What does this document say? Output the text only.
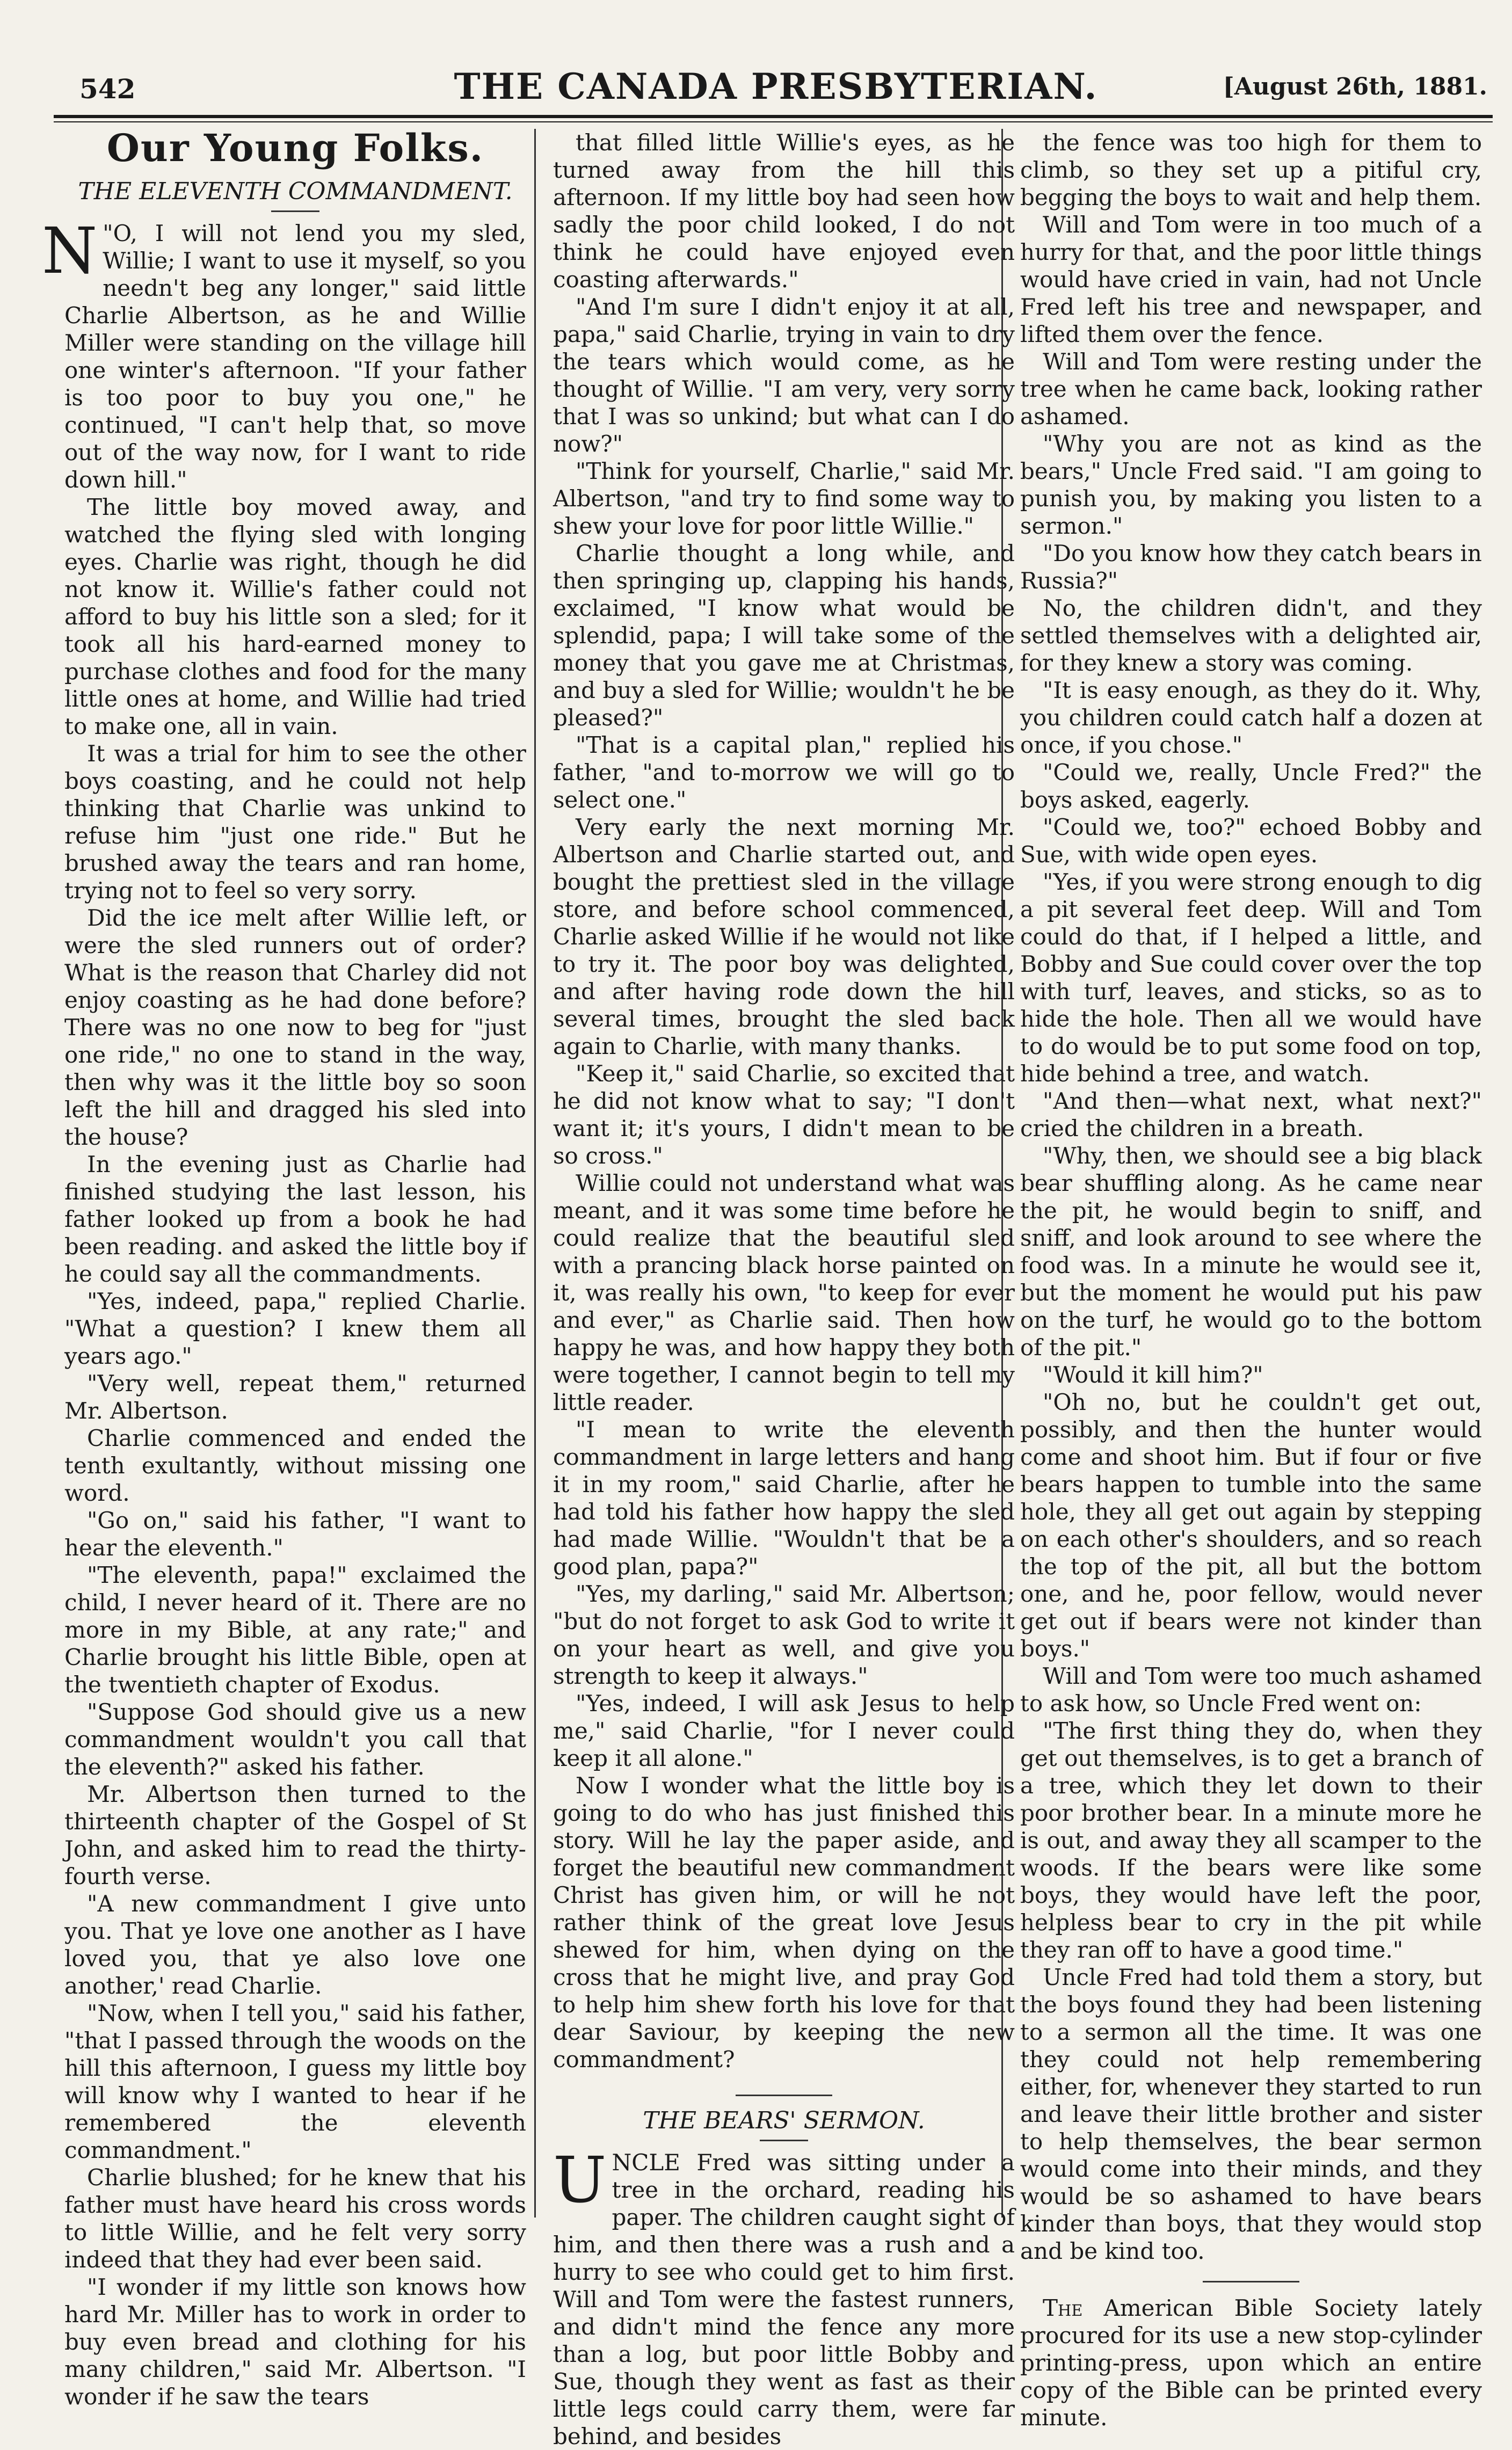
542	THE CANADA PRESBYTERIAN.	[August 26th, 1881.
Our Young Folks.
THE ELEVENTH COMMANDMENT.

"
N O, I will not lend you my sled, Willie; I want to use it myself, so you needn't beg any longer," said little Charlie Albertson, as he and Willie Miller were standing on the village hill one winter's afternoon. "If your father is too poor to buy you one," he continued, "I can't help that, so move out of the way now, for I want to ride down hill."

The little boy moved away, and watched the flying sled with longing eyes. Charlie was right, though he did not know it. Willie's father could not afford to buy his little son a sled; for it took all his hard-earned money to purchase clothes and food for the many little ones at home, and Willie had tried to make one, all in vain.

It was a trial for him to see the other boys coasting, and he could not help thinking that Charlie was unkind to refuse him "just one ride." But he brushed away the tears and ran home, trying not to feel so very sorry.

Did the ice melt after Willie left, or were the sled runners out of order? What is the reason that Charley did not enjoy coasting as he had done before? There was no one now to beg for "just one ride," no one to stand in the way, then why was it the little boy so soon left the hill and dragged his sled into the house?

In the evening just as Charlie had finished studying the last lesson, his father looked up from a book he had been reading. and asked the little boy if he could say all the commandments.

"Yes, indeed, papa," replied Charlie. "What a question? I knew them all years ago."

"Very well, repeat them," returned Mr. Albertson.

Charlie commenced and ended the tenth exultantly, without missing one word.

"Go on," said his father, "I want to hear the eleventh."

"The eleventh, papa!" exclaimed the child, I never heard of it. There are no more in my Bible, at any rate;" and Charlie brought his little Bible, open at the twentieth chapter of Exodus.

"Suppose God should give us a new commandment wouldn't you call that the eleventh?" asked his father.

Mr. Albertson then turned to the thirteenth chapter of the Gospel of St John, and asked him to read the thirty-fourth verse.

"A new commandment I give unto you. That ye love one another as I have loved you, that ye also love one another,' read Charlie.

"Now, when I tell you," said his father, "that I passed through the woods on the hill this afternoon, I guess my little boy will know why I wanted to hear if he remembered the eleventh commandment."

Charlie blushed; for he knew that his father must have heard his cross words to little Willie, and he felt very sorry indeed that they had ever been said.

"I wonder if my little son knows how hard Mr. Miller has to work in order to buy even bread and clothing for his many children," said Mr. Albertson. "I wonder if he saw the tears

that filled little Willie's eyes, as he turned away from the hill this afternoon. If my little boy had seen how sadly the poor child looked, I do not think he could have enjoyed even coasting afterwards."

"And I'm sure I didn't enjoy it at all, papa," said Charlie, trying in vain to dry the tears which would come, as he thought of Willie. "I am very, very sorry that I was so unkind; but what can I do now?"

"Think for yourself, Charlie," said Mr. Albertson, "and try to find some way to shew your love for poor little Willie."

Charlie thought a long while, and then springing up, clapping his hands, exclaimed, "I know what would be splendid, papa; I will take some of the money that you gave me at Christmas, and buy a sled for Willie; wouldn't he be pleased?"

"That is a capital plan," replied his father, "and to-morrow we will go to select one."

Very early the next morning Mr. Albertson and Charlie started out, and bought the prettiest sled in the village store, and before school commenced, Charlie asked Willie if he would not like to try it. The poor boy was delighted, and after having rode down the hill several times, brought the sled back again to Charlie, with many thanks.

"Keep it," said Charlie, so excited that he did not know what to say; "I don't want it; it's yours, I didn't mean to be so cross."

Willie could not understand what was meant, and it was some time before he could realize that the beautiful sled with a prancing black horse painted on it, was really his own, "to keep for ever and ever," as Charlie said. Then how happy he was, and how happy they both were together, I cannot begin to tell my little reader.

"I mean to write the eleventh commandment in large letters and hang it in my room," said Charlie, after he had told his father how happy the sled had made Willie. "Wouldn't that be a good plan, papa?"

"Yes, my darling," said Mr. Albertson; "but do not forget to ask God to write it on your heart as well, and give you strength to keep it always."

"Yes, indeed, I will ask Jesus to help me," said Charlie, "for I never could keep it all alone."

Now I wonder what the little boy is going to do who has just finished this story. Will he lay the paper aside, and forget the beautiful new commandment Christ has given him, or will he not rather think of the great love Jesus shewed for him, when dying on the cross that he might live, and pray God to help him shew forth his love for that dear Saviour, by keeping the new commandment?

THE BEARS' SERMON.

UNCLE Fred was sitting under a tree in the orchard, reading his paper. The children caught sight of him, and then there was a rush and a hurry to see who could get to him first. Will and Tom were the fastest runners, and didn't mind the fence any more than a log, but poor little Bobby and Sue, though they went as fast as their little legs could carry them, were far behind, and besides

the fence was too high for them to climb, so they set up a pitiful cry, begging the boys to wait and help them.

Will and Tom were in too much of a hurry for that, and the poor little things would have cried in vain, had not Uncle Fred left his tree and newspaper, and lifted them over the fence.

Will and Tom were resting under the tree when he came back, looking rather ashamed.

"Why you are not as kind as the bears," Uncle Fred said. "I am going to punish you, by making you listen to a sermon."

"Do you know how they catch bears in Russia?"

No, the children didn't, and they settled themselves with a delighted air, for they knew a story was coming.

"It is easy enough, as they do it. Why, you children could catch half a dozen at once, if you chose."

"Could we, really, Uncle Fred?" the boys asked, eagerly.

"Could we, too?" echoed Bobby and Sue, with wide open eyes.

"Yes, if you were strong enough to dig a pit several feet deep. Will and Tom could do that, if I helped a little, and Bobby and Sue could cover over the top with turf, leaves, and sticks, so as to hide the hole. Then all we would have to do would be to put some food on top, hide behind a tree, and watch.

"And then—what next, what next?" cried the children in a breath.

"Why, then, we should see a big black bear shuffling along. As he came near the pit, he would begin to sniff, and sniff, and look around to see where the food was. In a minute he would see it, but the moment he would put his paw on the turf, he would go to the bottom of the pit."

"Would it kill him?"

"Oh no, but he couldn't get out, possibly, and then the hunter would come and shoot him. But if four or five bears happen to tumble into the same hole, they all get out again by stepping on each other's shoulders, and so reach the top of the pit, all but the bottom one, and he, poor fellow, would never get out if bears were not kinder than boys."

Will and Tom were too much ashamed to ask how, so Uncle Fred went on:

"The first thing they do, when they get out themselves, is to get a branch of a tree, which they let down to their poor brother bear. In a minute more he is out, and away they all scamper to the woods. If the bears were like some boys, they would have left the poor, helpless bear to cry in the pit while they ran off to have a good time."

Uncle Fred had told them a story, but the boys found they had been listening to a sermon all the time. It was one they could not help remembering either, for, whenever they started to run and leave their little brother and sister to help themselves, the bear sermon would come into their minds, and they would be so ashamed to have bears kinder than boys, that they would stop and be kind too.

The American Bible Society lately procured for its use a new stop-cylinder printing-press, upon which an entire copy of the Bible can be printed every minute.
